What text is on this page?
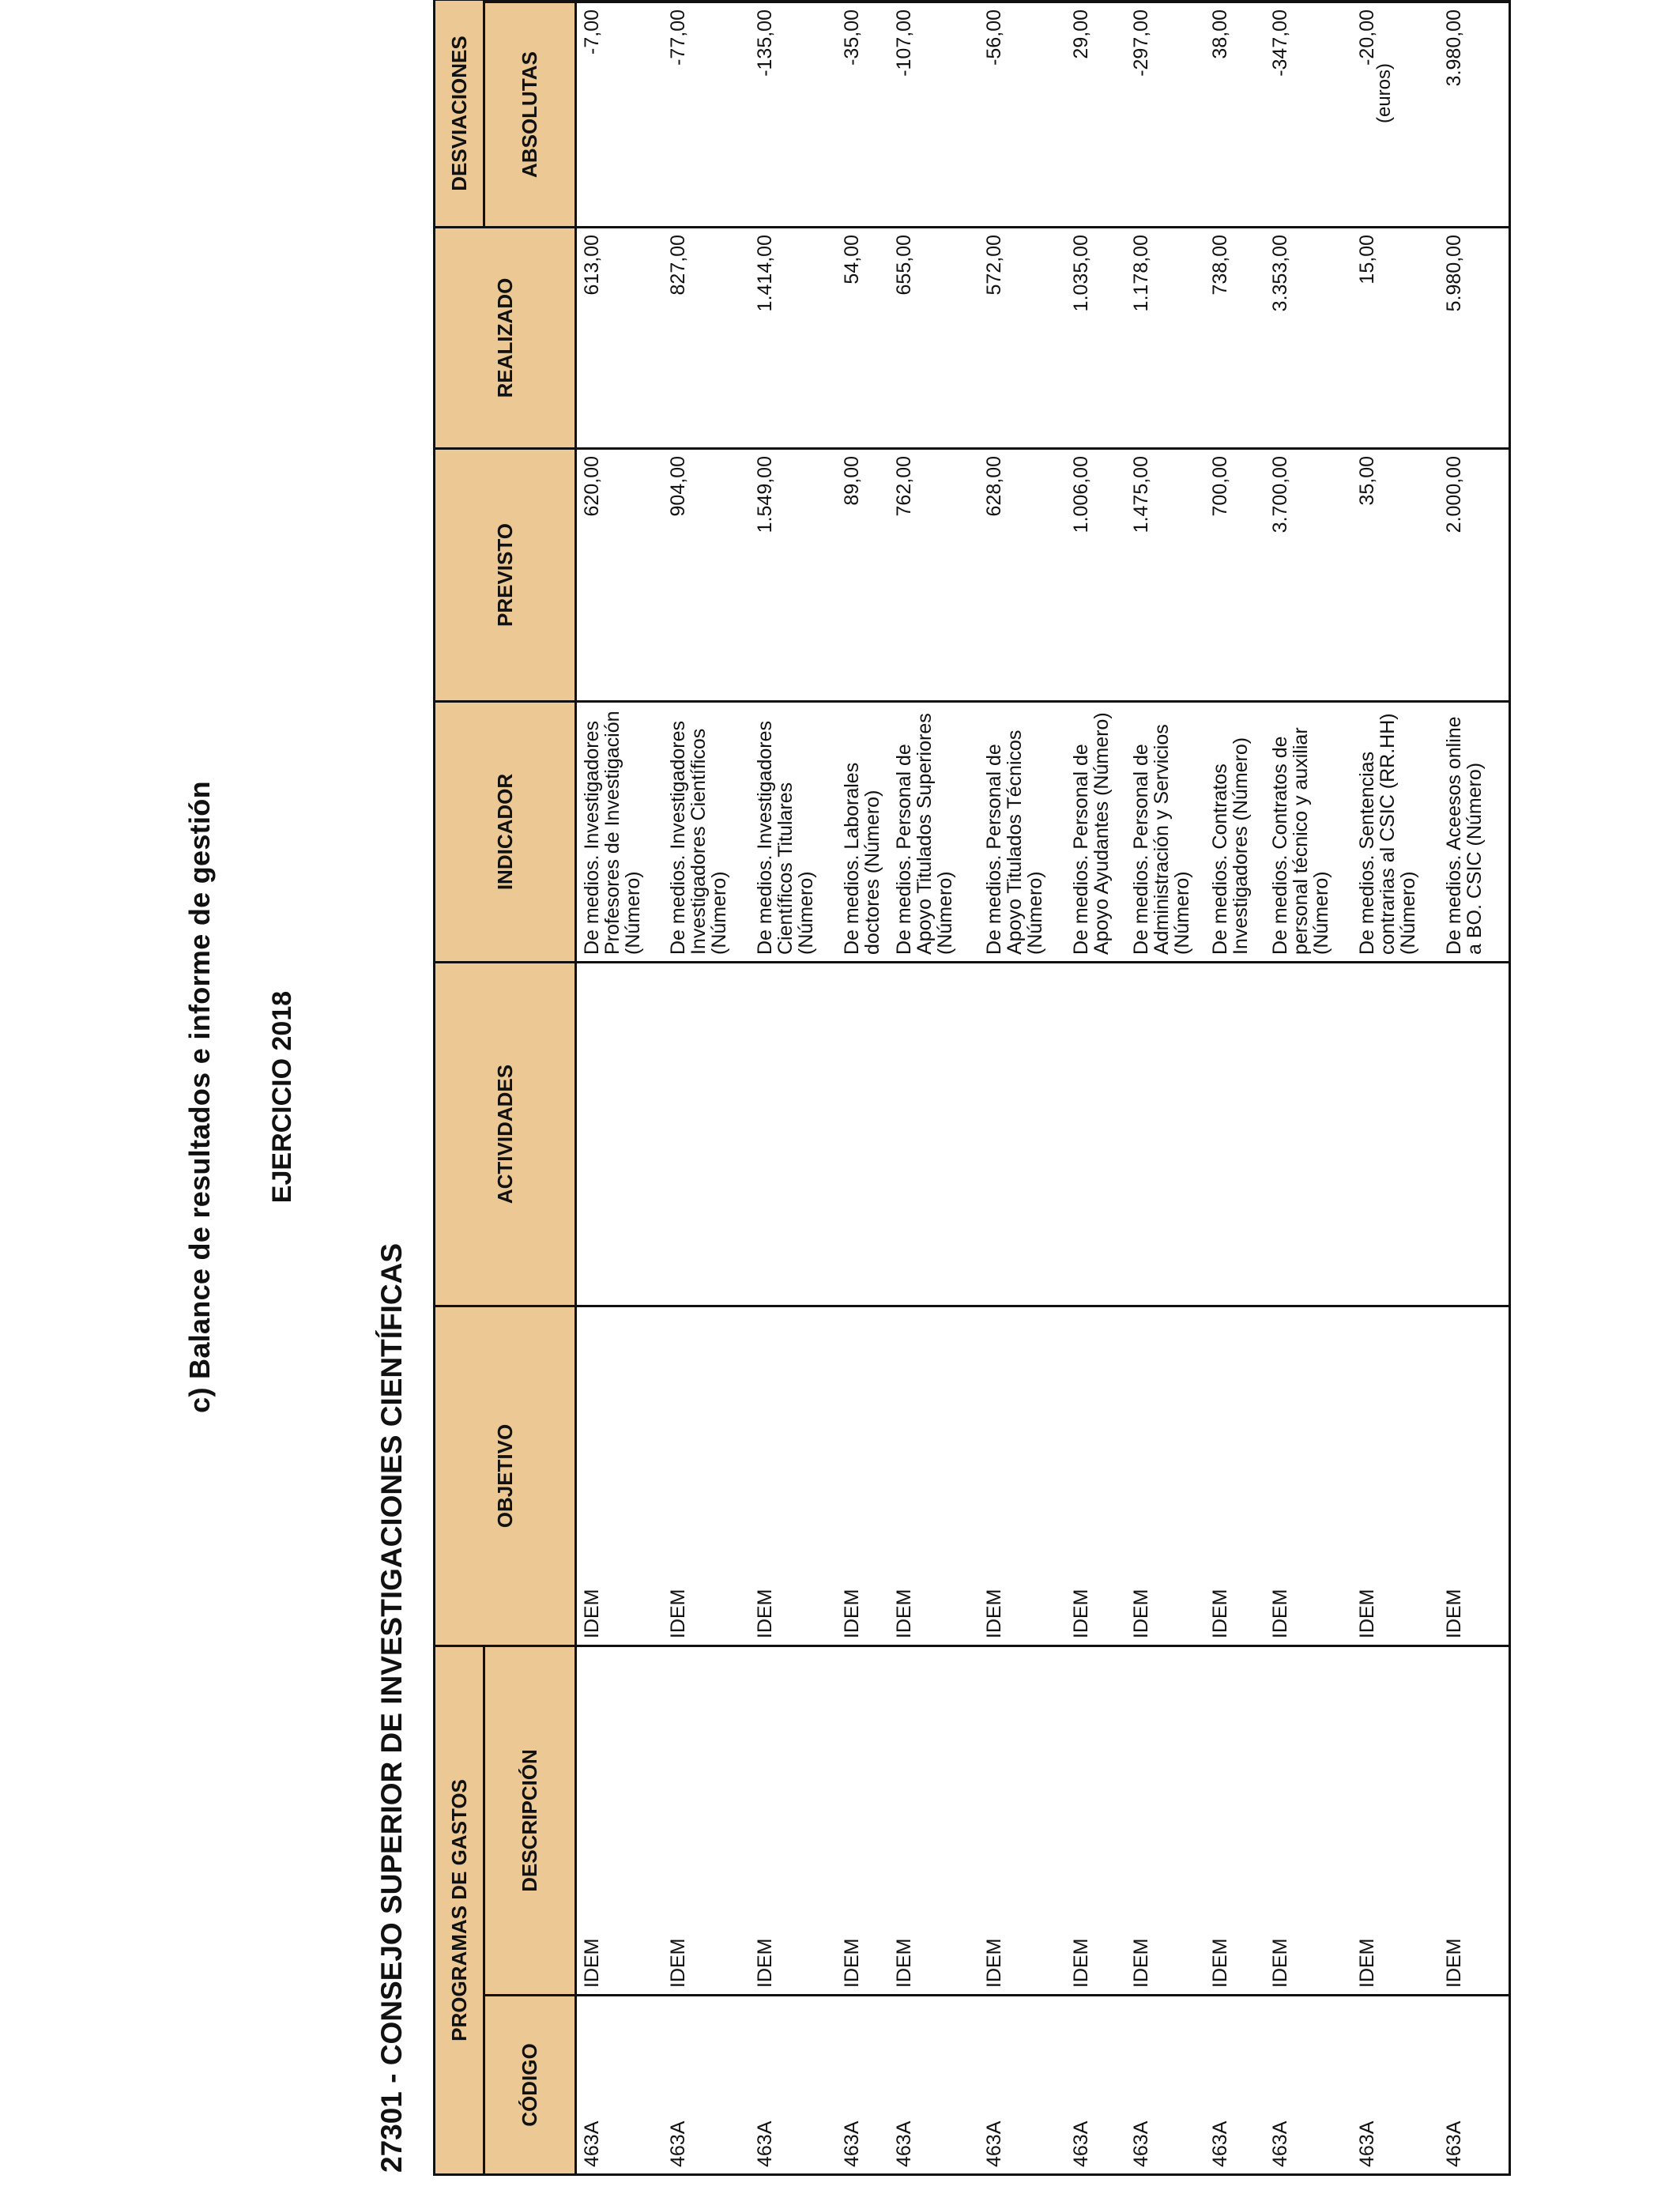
c) Balance de resultados e informe de gestión EJERCICIO 2018
27301 - CONSEJO SUPERIOR DE INVESTIGACIONES CIENTÍFICAS
(euros)
PROGRAMAS DE GASTOS		OBJETIVO	ACTIVIDADES	INDICADOR	PREVISTO	REALIZADO	DESVIACIONES	
CÓDIGO	DESCRIPCIÓN						ABSOLUTAS	
463A	IDEM	IDEM		De medios. Investigadores Profesores de Investigación (Número)	620,00	613,00	-7,00	
463A	IDEM	IDEM		De medios. Investigadores Investigadores Científicos (Número)	904,00	827,00	-77,00	
463A	IDEM	IDEM		De medios. Investigadores Científicos Titulares (Número)	1.549,00	1.414,00	-135,00	
463A	IDEM	IDEM		De medios. Laborales doctores (Número)	89,00	54,00	-35,00	
463A	IDEM	IDEM		De medios. Personal de Apoyo Titulados Superiores (Número)	762,00	655,00	-107,00	
463A	IDEM	IDEM		De medios. Personal de Apoyo Titulados Técnicos (Número)	628,00	572,00	-56,00	
463A	IDEM	IDEM		De medios. Personal de Apoyo Ayudantes (Número)	1.006,00	1.035,00	29,00	
463A	IDEM	IDEM		De medios. Personal de Administración y Servicios (Número)	1.475,00	1.178,00	-297,00	
463A	IDEM	IDEM		De medios. Contratos Investigadores (Número)	700,00	738,00	38,00	
463A	IDEM	IDEM		De medios. Contratos de personal técnico y auxiliar (Número)	3.700,00	3.353,00	-347,00	
463A	IDEM	IDEM		De medios. Sentencias contrarias al CSIC (RR.HH) (Número)	35,00	15,00	-20,00	
463A	IDEM	IDEM		De medios. Aceesos online a BO. CSIC (Número)	2.000,00	5.980,00	3.980,00	
